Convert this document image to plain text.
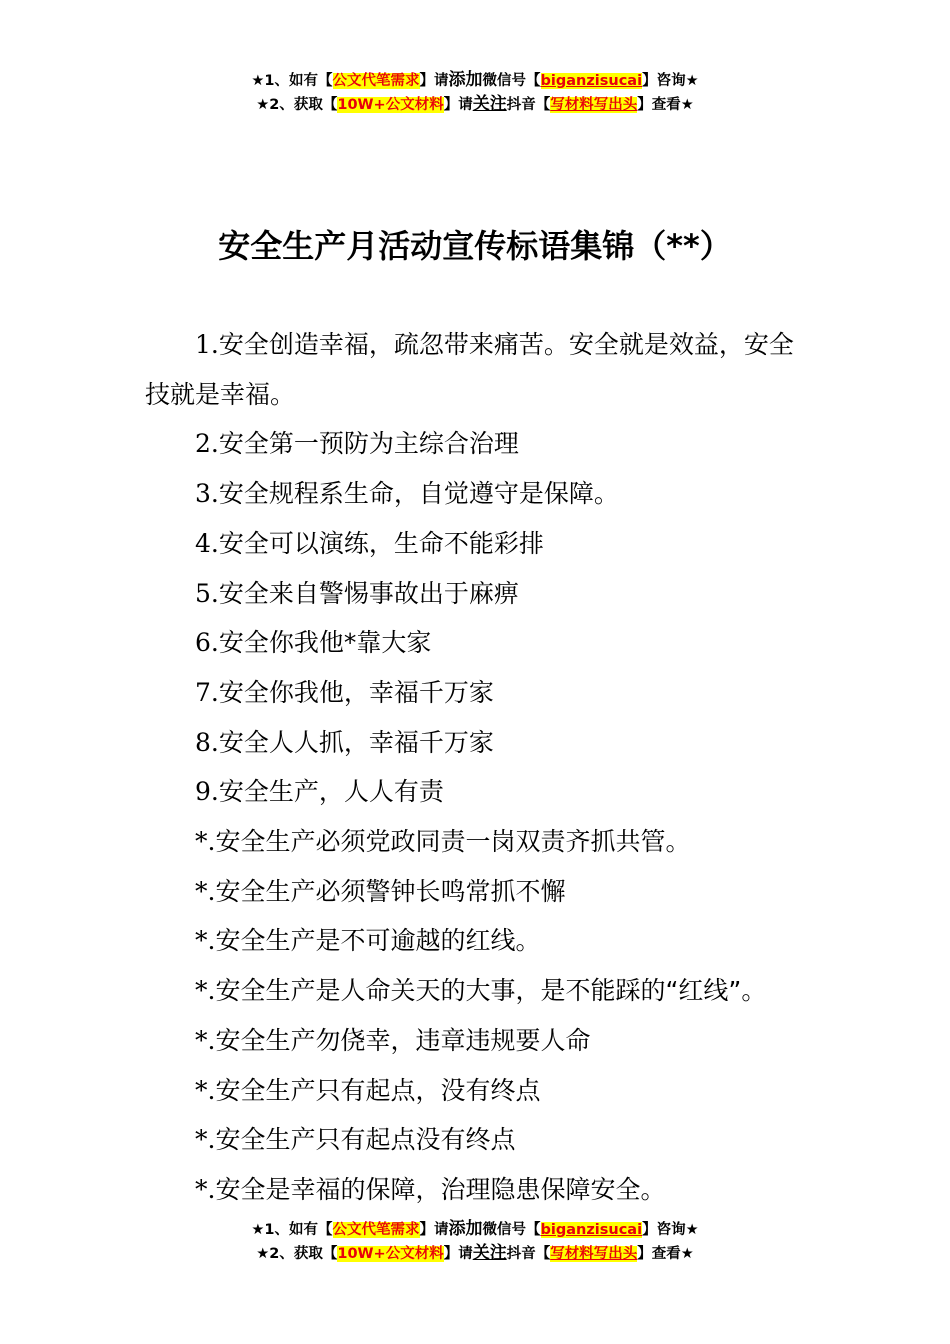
★1、如有【公文代笔需求】请添加微信号【biganzisucai】咨询★
★2、获取【10W+公文材料】请关注抖音【写材料写出头】查看★
安全生产月活动宣传标语集锦（**）

1.安全创造幸福，疏忽带来痛苦。安全就是效益，安全技就是幸福。

2.安全第一预防为主综合治理

3.安全规程系生命，自觉遵守是保障。

4.安全可以演练，生命不能彩排

5.安全来自警惕事故出于麻痹

6.安全你我他*靠大家

7.安全你我他，幸福千万家

8.安全人人抓，幸福千万家

9.安全生产，人人有责

*.安全生产必须党政同责一岗双责齐抓共管。

*.安全生产必须警钟长鸣常抓不懈

*.安全生产是不可逾越的红线。

*.安全生产是人命关天的大事，是不能踩的“红线”。

*.安全生产勿侥幸，违章违规要人命

*.安全生产只有起点，没有终点

*.安全生产只有起点没有终点

*.安全是幸福的保障，治理隐患保障安全。

★1、如有【公文代笔需求】请添加微信号【biganzisucai】咨询★
★2、获取【10W+公文材料】请关注抖音【写材料写出头】查看★
